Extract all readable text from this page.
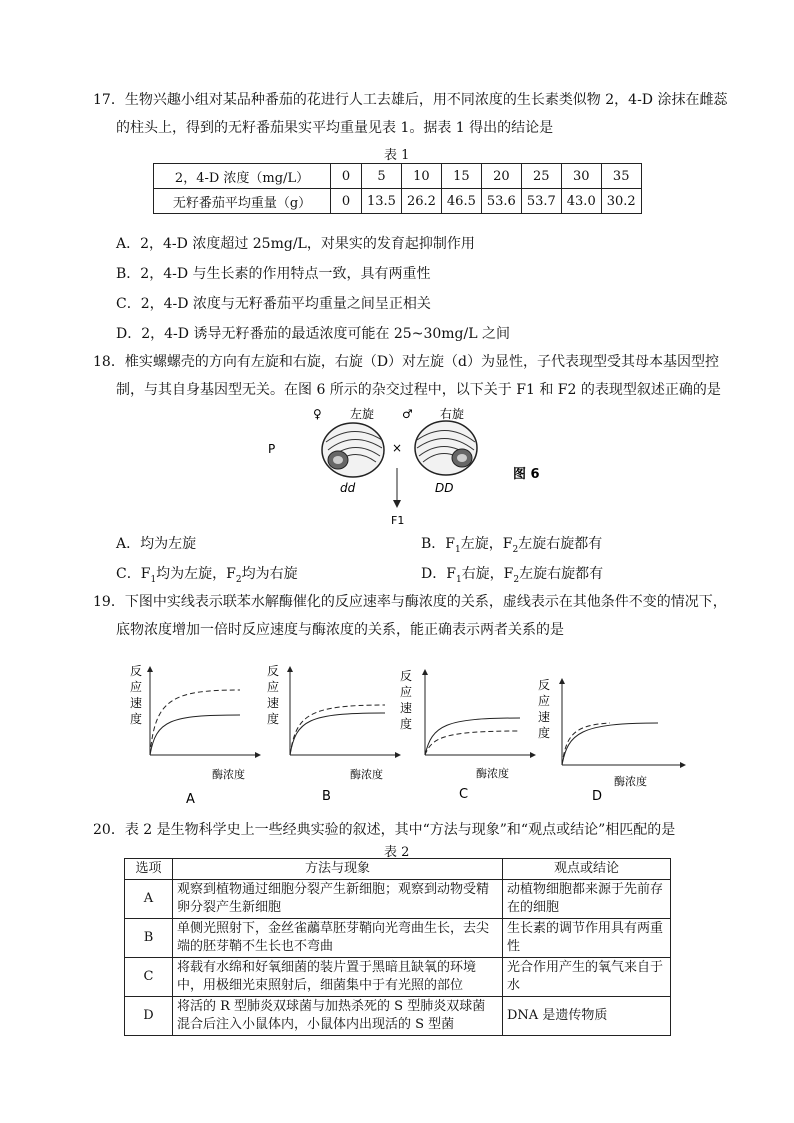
17．生物兴趣小组对某品种番茄的花进行人工去雄后，用不同浓度的生长素类似物 2，4-D 涂抹在雌蕊
的柱头上，得到的无籽番茄果实平均重量见表 1。据表 1 得出的结论是
表 1
2，4-D 浓度（mg/L）	0	5	10	15	20	25	30	35
无籽番茄平均重量（g）	0	13.5	26.2	46.5	53.6	53.7	43.0	30.2
A．2，4-D 浓度超过 25mg/L，对果实的发育起抑制作用
B．2，4-D 与生长素的作用特点一致，具有两重性
C．2，4-D 浓度与无籽番茄平均重量之间呈正相关
D．2，4-D 诱导无籽番茄的最适浓度可能在 25~30mg/L 之间
18．椎实螺螺壳的方向有左旋和右旋，右旋（D）对左旋（d）为显性，子代表现型受其母本基因型控
制，与其自身基因型无关。在图 6 所示的杂交过程中，以下关于 F1 和 F2 的表现型叙述正确的是
P
♀ 左旋 ♂ 右旋
×
dd	DD
F1
图 6
A．均为左旋	B．$F_1$左旋，$F_2$左旋右旋都有
C．$F_1$均为左旋，$F_2$均为右旋	D．$F_1$右旋，$F_2$左旋右旋都有
19．下图中实线表示联苯水解酶催化的反应速率与酶浓度的关系，虚线表示在其他条件不变的情况下，
底物浓度增加一倍时反应速度与酶浓度的关系，能正确表示两者关系的是
反
应
速
度
酶浓度
A
反
应
速
度
酶浓度
B
反
应
速
度
酶浓度
C
反
应
速
度
酶浓度
D
20．表 2 是生物科学史上一些经典实验的叙述，其中“方法与现象”和“观点或结论”相匹配的是
表 2
选项	方法与现象	观点或结论
A	观察到植物通过细胞分裂产生新细胞；观察到动物受精卵分裂产生新细胞	动植物细胞都来源于先前存在的细胞
B	单侧光照射下，金丝雀虉草胚芽鞘向光弯曲生长，去尖端的胚芽鞘不生长也不弯曲	生长素的调节作用具有两重性
C	将载有水绵和好氧细菌的装片置于黑暗且缺氧的环境中，用极细光束照射后，细菌集中于有光照的部位	光合作用产生的氧气来自于水
D	将活的 R 型肺炎双球菌与加热杀死的 S 型肺炎双球菌混合后注入小鼠体内，小鼠体内出现活的 S 型菌	DNA 是遗传物质
